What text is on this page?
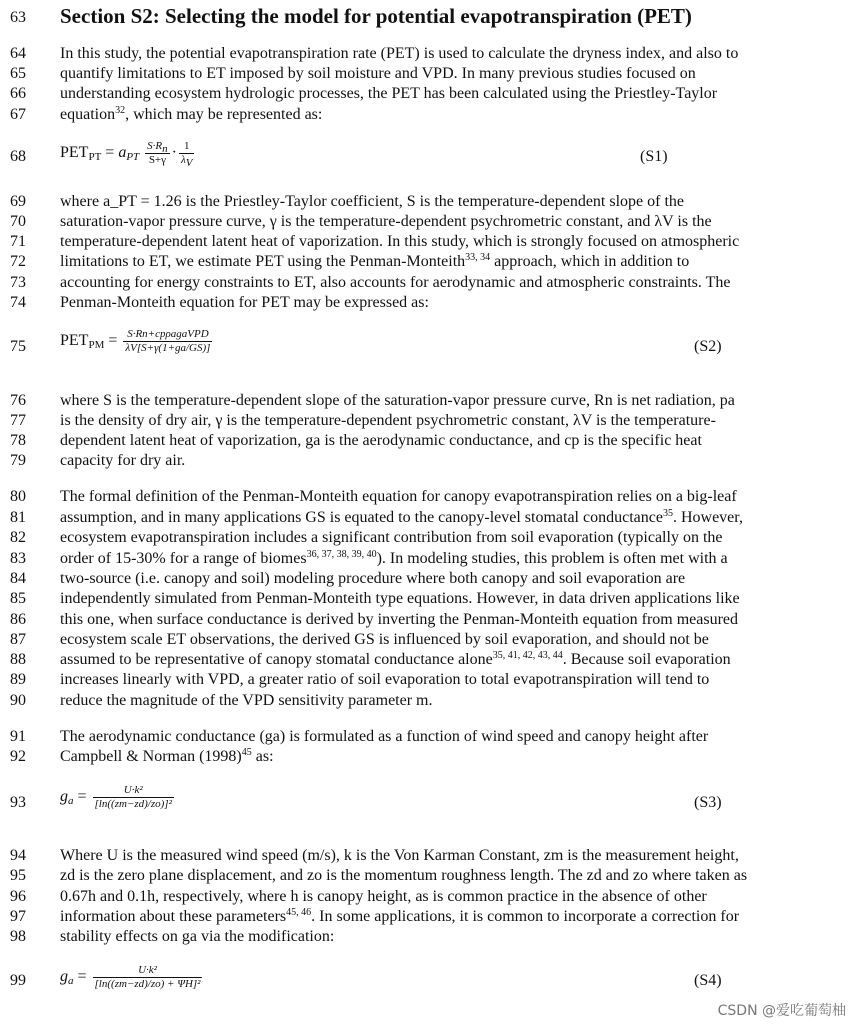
63	Section S2: Selecting the model for potential evapotranspiration (PET)
64	In this study, the potential evapotranspiration rate (PET) is used to calculate the dryness index, and also to
65	quantify limitations to ET imposed by soil moisture and VPD. In many previous studies focused on
66	understanding ecosystem hydrologic processes, the PET has been calculated using the Priestley-Taylor
67	equation$^{32}$, which may be represented as:
68	$PET_{PT} = a_{PT} \frac{S\cdot R_n}{S+\gamma} \cdot \frac{1}{\lambda_V}$	(S1)
69	where a_PT = 1.26 is the Priestley-Taylor coefficient, S is the temperature-dependent slope of the
70	saturation-vapor pressure curve, γ is the temperature-dependent psychrometric constant, and λV is the
71	temperature-dependent latent heat of vaporization. In this study, which is strongly focused on atmospheric
72	limitations to ET, we estimate PET using the Penman-Monteith$^{33, 34}$ approach, which in addition to
73	accounting for energy constraints to ET, also accounts for aerodynamic and atmospheric constraints. The
74	Penman-Monteith equation for PET may be expressed as:
75	$PET_{PM} = \frac{\text{S·Rn+cpρagaVPD}}{\lambda V[S+\gamma(1+ga/GS)]}$	(S2)
76	where S is the temperature-dependent slope of the saturation-vapor pressure curve, Rn is net radiation, pa
77	is the density of dry air, γ is the temperature-dependent psychrometric constant, λV is the temperature-
78	dependent latent heat of vaporization, ga is the aerodynamic conductance, and cp is the specific heat
79	capacity for dry air.
80	The formal definition of the Penman-Monteith equation for canopy evapotranspiration relies on a big-leaf
81	assumption, and in many applications GS is equated to the canopy-level stomatal conductance$^{35}$. However,
82	ecosystem evapotranspiration includes a significant contribution from soil evaporation (typically on the
83	order of 15-30% for a range of biomes$^{36, 37, 38, 39, 40}$). In modeling studies, this problem is often met with a
84	two-source (i.e. canopy and soil) modeling procedure where both canopy and soil evaporation are
85	independently simulated from Penman-Monteith type equations. However, in data driven applications like
86	this one, when surface conductance is derived by inverting the Penman-Monteith equation from measured
87	ecosystem scale ET observations, the derived GS is influenced by soil evaporation, and should not be
88	assumed to be representative of canopy stomatal conductance alone$^{35, 41, 42, 43, 44}$. Because soil evaporation
89	increases linearly with VPD, a greater ratio of soil evaporation to total evapotranspiration will tend to
90	reduce the magnitude of the VPD sensitivity parameter m.
91	The aerodynamic conductance (ga) is formulated as a function of wind speed and canopy height after
92	Campbell & Norman $(1998)^{45}$ as:
93	$g_a = \frac{\text{U·k²}}{\text{[ln((zm−zd)/zo)]²}}$	(S3)
94	Where U is the measured wind speed (m/s), k is the Von Karman Constant, zm is the measurement height,
95	zd is the zero plane displacement, and zo is the momentum roughness length. The zd and zo where taken as
96	0.67h and 0.1h, respectively, where h is canopy height, as is common practice in the absence of other
97	information about these parameters$^{45, 46}$. In some applications, it is common to incorporate a correction for
98	stability effects on ga via the modification:
99	$g_a = \frac{\text{U·k²}}{\text{[ln((zm−zd)/zo) + ΨH]²}}$	(S4)
CSDN @爱吃葡萄柚
